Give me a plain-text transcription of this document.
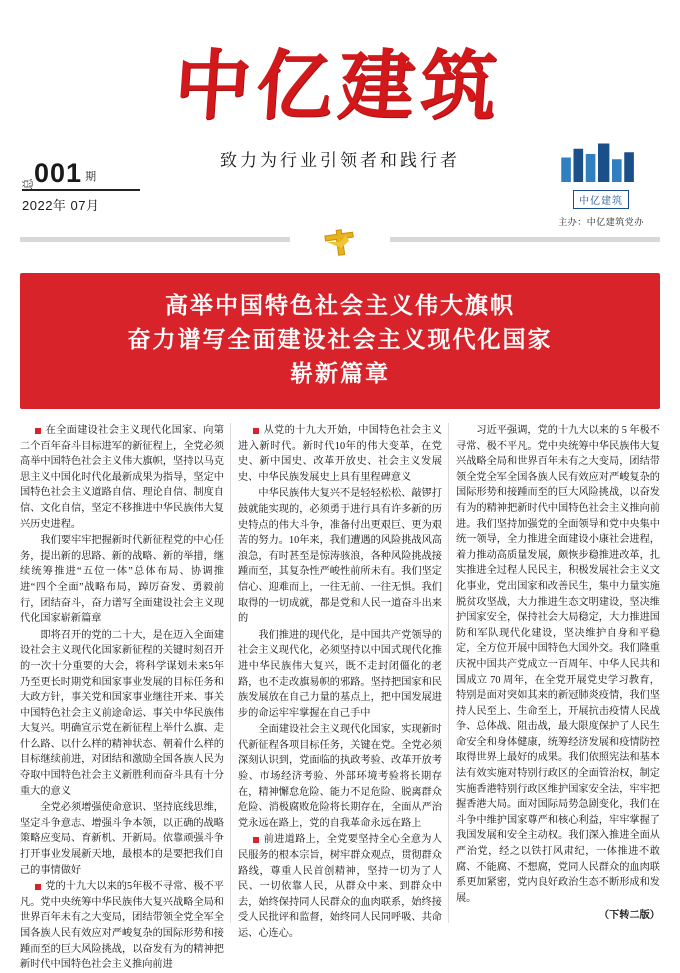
中亿建筑
致力为行业引领者和践行者
总 001 期
2022年 07月	中亿建筑
主办：中亿建筑党办
高举中国特色社会主义伟大旗帜
奋力谱写全面建设社会主义现代化国家
崭新篇章

在全面建设社会主义现代化国家、向第二个百年奋斗目标进军的新征程上，全党必须高举中国特色社会主义伟大旗帜，坚持以马克思主义中国化时代化最新成果为指导，坚定中国特色社会主义道路自信、理论自信、制度自信、文化自信，坚定不移推进中华民族伟大复兴历史进程。

我们要牢牢把握新时代新征程党的中心任务，提出新的思路、新的战略、新的举措，继续统筹推进“五位一体”总体布局、协调推进“四个全面”战略布局，踔厉奋发、勇毅前行，团结奋斗，奋力谱写全面建设社会主义现代化国家崭新篇章

即将召开的党的二十大，是在迈入全面建设社会主义现代化国家新征程的关键时刻召开的一次十分重要的大会，将科学谋划未来5年乃至更长时期党和国家事业发展的目标任务和大政方针，事关党和国家事业继往开来、事关中国特色社会主义前途命运、事关中华民族伟大复兴。明确宣示党在新征程上举什么旗、走什么路、以什么样的精神状态、朝着什么样的目标继续前进，对团结和激励全国各族人民为夺取中国特色社会主义新胜利而奋斗具有十分重大的意义

全党必须增强使命意识、坚持底线思维，坚定斗争意志、增强斗争本领，以正确的战略策略应变局、育新机、开新局。依靠顽强斗争打开事业发展新天地，最根本的是要把我们自己的事情做好

党的十九大以来的5年极不寻常、极不平凡。党中央统筹中华民族伟大复兴战略全局和世界百年未有之大变局，团结带领全党全军全国各族人民有效应对严峻复杂的国际形势和接踵而至的巨大风险挑战，以奋发有为的精神把新时代中国特色社会主义推向前进

从党的十九大开始，中国特色社会主义进入新时代。新时代10年的伟大变革，在党史、新中国史、改革开放史、社会主义发展史、中华民族发展史上具有里程碑意义

中华民族伟大复兴不是轻轻松松、敲锣打鼓就能实现的，必须勇于进行具有许多新的历史特点的伟大斗争，准备付出更艰巨、更为艰苦的努力。10年来，我们遭遇的风险挑战风高浪急，有时甚至是惊涛骇浪，各种风险挑战接踵而至，其复杂性严峻性前所未有。我们坚定信心、迎难而上，一往无前、一往无惧。我们取得的一切成就，都是党和人民一道奋斗出来的

我们推进的现代化，是中国共产党领导的社会主义现代化，必须坚持以中国式现代化推进中华民族伟大复兴，既不走封闭僵化的老路，也不走改旗易帜的邪路。坚持把国家和民族发展放在自己力量的基点上，把中国发展进步的命运牢牢掌握在自己手中

全面建设社会主义现代化国家，实现新时代新征程各项目标任务，关键在党。全党必须深刻认识到，党面临的执政考验、改革开放考验、市场经济考验、外部环境考验将长期存在，精神懈怠危险、能力不足危险、脱离群众危险、消极腐败危险将长期存在，全面从严治党永远在路上，党的自我革命永远在路上

前进道路上，全党要坚持全心全意为人民服务的根本宗旨，树牢群众观点，贯彻群众路线，尊重人民首创精神，坚持一切为了人民、一切依靠人民，从群众中来、到群众中去，始终保持同人民群众的血肉联系，始终接受人民批评和监督，始终同人民同呼吸、共命运、心连心。

习近平强调，党的十九大以来的 5 年极不寻常、极不平凡。党中央统筹中华民族伟大复兴战略全局和世界百年未有之大变局，团结带领全党全军全国各族人民有效应对严峻复杂的国际形势和接踵而至的巨大风险挑战，以奋发有为的精神把新时代中国特色社会主义推向前进。我们坚持加强党的全面领导和党中央集中统一领导，全力推进全面建设小康社会进程，着力推动高质量发展，颇恢步稳推进改革，扎实推进全过程人民民主，积极发展社会主义文化事业，党出国家和改善民生，集中力量实施脱贫攻坚战，大力推进生态文明建设，坚决维护国家安全，保持社会大局稳定，大力推进国防和军队现代化建设，坚决维护自身和平稳定，全方位开展中国特色大国外交。我们隆重庆祝中国共产党成立一百周年、中华人民共和国成立 70 周年，在全党开展党史学习教育，特别是面对突如其来的新冠肺炎疫情，我们坚持人民至上、生命至上，开展抗击疫情人民战争、总体战、阻击战，最大限度保护了人民生命安全和身体健康，统筹经济发展和疫情防控取得世界上最好的成果。我们依照宪法和基本法有效实施对特别行政区的全面管治权，制定实施香港特别行政区维护国家安全法，牢牢把握香港大局。面对国际局势急剧变化，我们在斗争中维护国家尊严和核心利益，牢牢掌握了我国发展和安全主动权。我们深入推进全面从严治党，经之以铁打风肃纪，一体推进不敢腐、不能腐、不想腐，党同人民群众的血肉联系更加紧密，党内良好政治生态不断形成和发展。

（下转二版）
